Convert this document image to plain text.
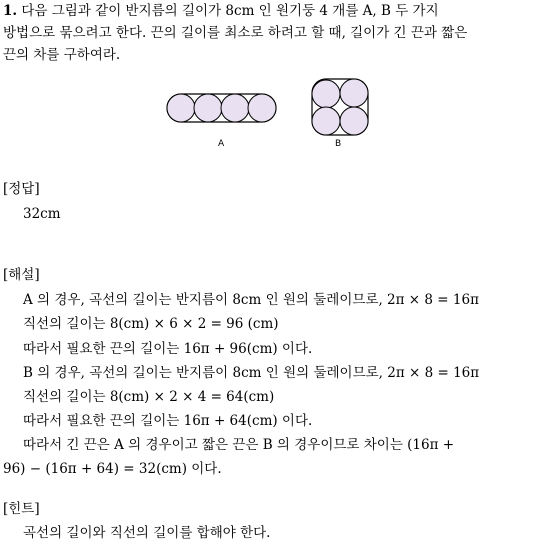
1. 다음 그림과 같이 반지름의 길이가 8cm 인 원기둥 4 개를 A, B 두 가지
방법으로 묶으려고 한다. 끈의 길이를 최소로 하려고 할 때, 길이가 긴 끈과 짧은
끈의 차를 구하여라.
A	B
[정답]
32cm
[해설]
A 의 경우, 곡선의 길이는 반지름이 8cm 인 원의 둘레이므로, 2π × 8 = 16π
직선의 길이는 8(cm) × 6 × 2 = 96 (cm)
따라서 필요한 끈의 길이는 16π + 96(cm) 이다.
B 의 경우, 곡선의 길이는 반지름이 8cm 인 원의 둘레이므로, 2π × 8 = 16π
직선의 길이는 8(cm) × 2 × 4 = 64(cm)
따라서 필요한 끈의 길이는 16π + 64(cm) 이다.
따라서 긴 끈은 A 의 경우이고 짧은 끈은 B 의 경우이므로 차이는 (16π +
96) − (16π + 64) = 32(cm) 이다.
[힌트]
곡선의 길이와 직선의 길이를 합해야 한다.
